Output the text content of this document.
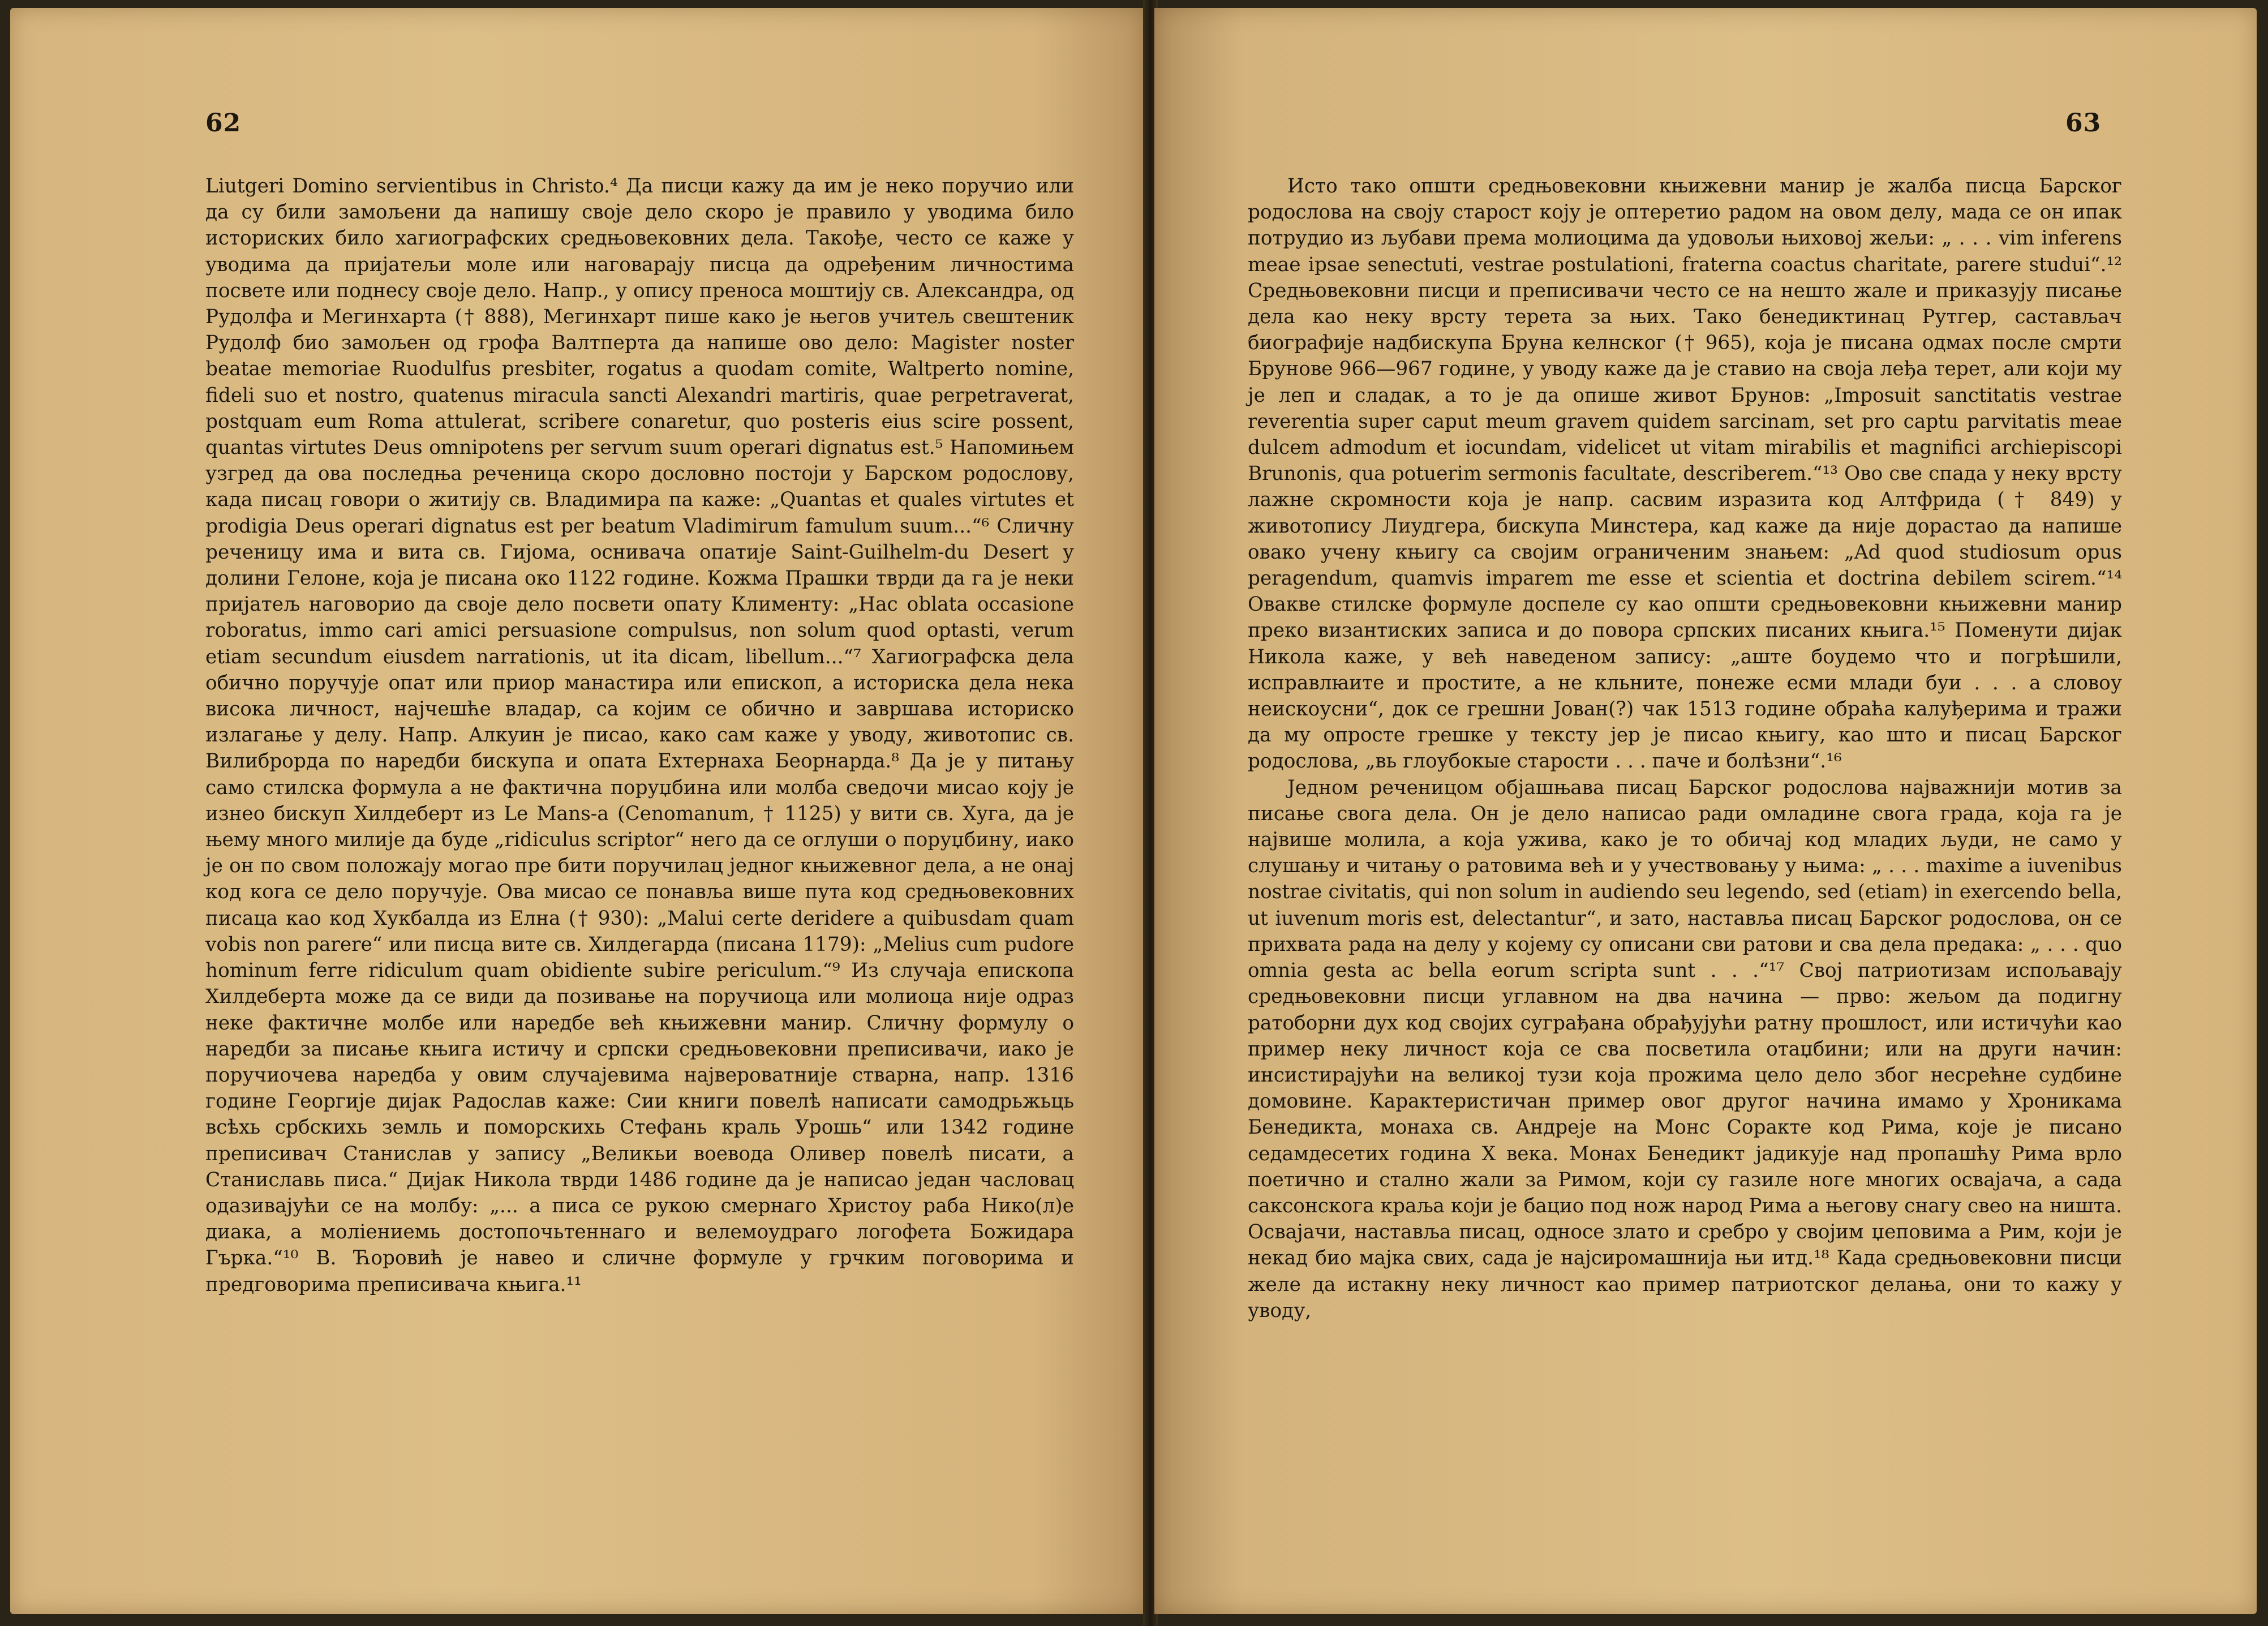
62

Liutgeri Domino servientibus in Christo.⁴ Да писци кажу да им је неко поручио или да су били замољени да напишу своје дело скоро је правило у уводима било историских било хагиографских средњовековних дела. Такође, често се каже у уводима да пријатељи моле или наговарају писца да одређеним личностима посвете или поднесу своје дело. Напр., у опису преноса моштију св. Александра, од Рудолфа и Мегинхарта († 888), Мегинхарт пише како је његов учитељ свештеник Рудолф био замољен од грофа Валтперта да напише ово дело: Magister noster beatae memoriae Ruodulfus presbiter, rogatus a quodam comite, Waltperto nomine, fideli suo et nostro, quatenus miracula sancti Alexandri martiris, quae perpetraverat, postquam eum Roma attulerat, scribere conaretur, quo posteris eius scire possent, quantas virtutes Deus omnipotens per servum suum operari dignatus est.⁵ Напомињем узгред да ова последња реченица скоро дословно постоји у Барском родослову, када писац говори о житију св. Владимира па каже: „Quantas et quales virtutes et prodigia Deus operari dignatus est per beatum Vladimirum famulum suum...“⁶ Сличну реченицу има и вита св. Гијома, оснивача опатије Saint-Guilhelm-du Desert у долини Гелоне, која је писана око 1122 године. Кожма Прашки тврди да га је неки пријатељ наговорио да своје дело посвети опату Клименту: „Hac oblata occasione roboratus, immo cari amici persuasione compulsus, non solum quod optasti, verum etiam secundum eiusdem narrationis, ut ita dicam, libellum...“⁷ Хагиографска дела обично поручује опат или приор манастира или епископ, а историска дела нека висока личност, најчешће владар, са којим се обично и завршава историско излагање у делу. Напр. Алкуин је писао, како сам каже у уводу, животопис св. Вилиброрда по наредби бискупа и опата Ехтернаха Беорнарда.⁸ Да је у питању само стилска формула а не фактична поруџбина или молба сведочи мисао коју је изнео бискуп Хилдеберт из Le Mans-a (Cenomanum, † 1125) у вити св. Хуга, да је њему много милије да буде „ridiculus scriptor“ него да се оглуши о поруџбину, иако је он по свом положају могао пре бити поручилац једног књижевног дела, а не онај код кога се дело поручује. Ова мисао се понавља више пута код средњовековних писаца као код Хукбалда из Елна († 930): „Malui certe deridere a quibusdam quam vobis non parere“ или писца вите св. Хилдегарда (писана 1179): „Melius cum pudore hominum ferre ridiculum quam obidiente subire periculum.“⁹ Из случаја епископа Хилдеберта може да се види да позивање на поручиоца или молиоца није одраз неке фактичне молбе или наредбе већ књижевни манир. Сличну формулу о наредби за писање књига истичу и српски средњовековни преписивачи, иако је поручиочева наредба у овим случајевима највероватније стварна, напр. 1316 године Георгије дијак Радослав каже: Сии книги повелѣ написати самодрьжьць всѣхь србскихь земль и поморскихь Стефань краль Урошь“ или 1342 године преписивач Станислав у запису „Великьи воевода Оливер повелѣ писати, а Станиславь писа.“ Дијак Никола тврди 1486 године да је написао један часловац одазивајући се на молбу: „... а писа се рукою смернаго Христоу раба Нико(л)е диака, а молieниемь достопочьтеннаго и велемоудраго логофета Божидара Гърка.“¹⁰ В. Ћоровић је навео и сличне формуле у грчким поговорима и предговорима преписивача књига.¹¹

63

Исто тако општи средњовековни књижевни манир је жалба писца Барског родослова на своју старост коју је оптеретио радом на овом делу, мада се он ипак потрудио из љубави према молиоцима да удовољи њиховој жељи: „ . . . vim inferens meae ipsae senectuti, vestrae postulationi, fraterna coactus charitate, parere studui“.¹² Средњовековни писци и преписивачи често се на нешто жале и приказују писање дела као неку врсту терета за њих. Тако бенедиктинац Рутгер, састављач биографије надбискупа Бруна келнског († 965), која је писана одмах после смрти Брунове 966—967 године, у уводу каже да је ставио на своја леђа терет, али који му је леп и сладак, а то је да опише живот Брунов: „Imposuit sanctitatis vestrae reverentia super caput meum gravem quidem sarcinam, set pro captu parvitatis meae dulcem admodum et iocundam, videlicet ut vitam mirabilis et magnifici archiepiscopi Brunonis, qua potuerim sermonis facultate, describerem.“¹³ Ово све спада у неку врсту лажне скромности која је напр. сасвим изразита код Алтфрида († 849) у животопису Лиудгера, бискупа Минстера, кад каже да није дорастао да напише овако учену књигу са својим ограниченим знањем: „Ad quod studiosum opus peragendum, quamvis imparem me esse et scientia et doctrina debilem scirem.“¹⁴ Овакве стилске формуле доспеле су као општи средњовековни књижевни манир преко византиских записа и до повора српских писаних књига.¹⁵ Поменути дијак Никола каже, у већ наведеном запису: „аште боудемо что и погрѣшили, исправлꙗите и простите, а не кльните, понеже есми млади буи . . . а словоу неискоусни“, док се грешни Јован(?) чак 1513 године обраћа калуђерима и тражи да му опросте грешке у тексту јер је писао књигу, као што и писац Барског родослова, „вь глоубокые старости . . . паче и болѣзни“.¹⁶

Једном реченицом објашњава писац Барског родослова најважнији мотив за писање свога дела. Он је дело написао ради омладине свога града, која га је највише молила, а која ужива, како је то обичај код младих људи, не само у слушању и читању о ратовима већ и у учествовању у њима: „ . . . maxime a iuvenibus nostrae civitatis, qui non solum in audiendo seu legendo, sed (etiam) in exercendo bella, ut iuvenum moris est, delectantur“, и зато, наставља писац Барског родослова, он се прихвата рада на делу у којему су описани сви ратови и сва дела предака: „ . . . quo omnia gesta ac bella eorum scripta sunt . . .“¹⁷ Свој патриотизам испољавају средњовековни писци углавном на два начина — прво: жељом да подигну ратоборни дух код својих суграђана обрађујући ратну прошлост, или истичући као пример неку личност која се сва посветила отаџбини; или на други начин: инсистирајући на великој тузи која прожима цело дело због несрећне судбине домовине. Карактеристичан пример овог другог начина имамо у Хроникама Бенедикта, монаха св. Андреје на Монс Соракте код Рима, које је писано седамдесетих година X века. Монах Бенедикт јадикује над пропашћу Рима врло поетично и стално жали за Римом, који су газиле ноге многих освајача, а сада саксонскога краља који је бацио под нож народ Рима а његову снагу свео на ништа. Освајачи, наставља писац, односе злато и сребро у својим џеповима а Рим, који је некад био мајка свих, сада је најсиромашнија њи итд.¹⁸ Када средњовековни писци желе да истакну неку личност као пример патриотског делања, они то кажу у уводу,
